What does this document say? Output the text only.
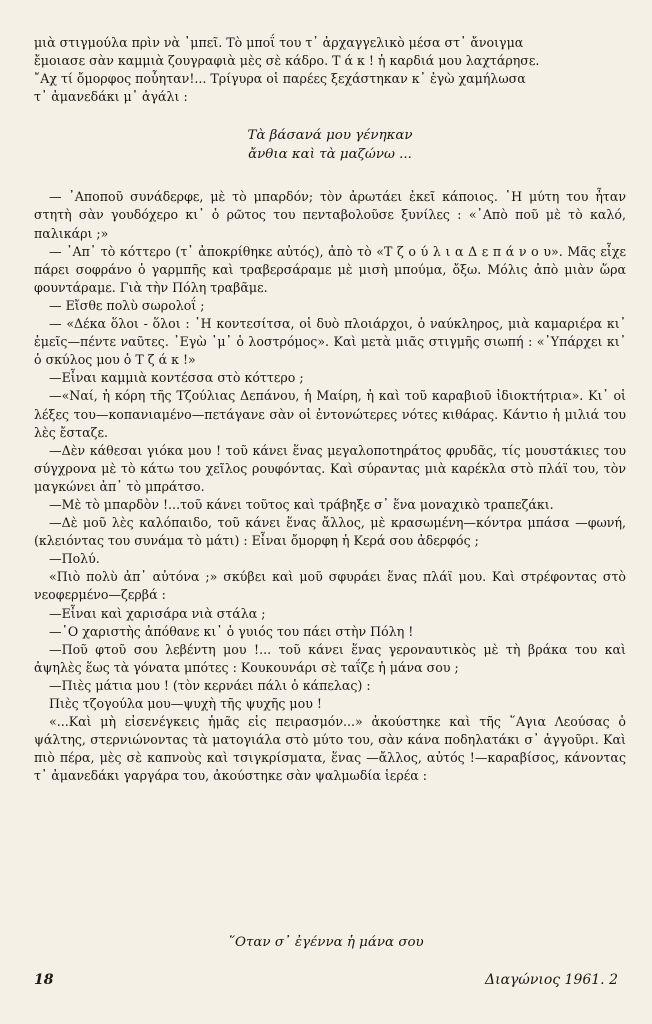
μιὰ στιγμούλα πρὶν νὰ ᾿μπεῖ. Τὸ μποΐ του τ᾿ ἀρχαγγελικὸ μέσα στ᾿ ἄνοιγμα

ἔμοιασε σὰν καμμιὰ ζουγραφιὰ μὲς σὲ κάδρο. Τ ά κ ! ἡ καρδιά μου λαχτάρησε.

῎Αχ τί ὄμορφος ποὖηταν!... Τρίγυρα οἱ παρέες ξεχάστηκαν κ᾿ ἐγὼ χαμήλωσα

τ᾿ ἀμανεδάκι μ᾿ ἀγάλι :

Τὰ βάσανά μου γένηκαν
ἄνθια καὶ τὰ μαζώνω ...

— ᾿Αποποῦ συνάδερφε, μὲ τὸ μπαρδόν; τὸν ἀρωτάει ἐκεῖ κάποιος. ῾Η μύτη του ἦταν στητὴ σὰν γουδόχερο κι᾿ ὁ ρῶτος του πενταβολοῦσε ξυνίλες : «᾿Απὸ ποῦ μὲ τὸ καλό, παλικάρι ;»

— ᾿Απ᾿ τὸ κόττερο (τ᾿ ἀποκρίθηκε αὐτός), ἀπὸ τὸ «Τ ζ ο ύ λ ι α Δ ε π ά ν ο υ». Μᾶς εἶχε πάρει σοφράνο ὁ γαρμπῆς καὶ τραβερσάραμε μὲ μισὴ μπούμα, ὄξω. Μόλις ἀπὸ μιὰν ὥρα φουντάραμε. Γιὰ τὴν Πόλη τραβᾶμε.

— Εἴσθε πολὺ σωρολοΐ ;

— «Δέκα ὅλοι - ὅλοι : ῾Η κοντεσίτσα, οἱ δυὸ πλοιάρχοι, ὁ ναύκληρος, μιὰ καμαριέρα κι᾿ ἐμεῖς—πέντε ναῦτες. ᾿Εγὼ ᾿μ᾿ ὁ λοστρόμος». Καὶ μετὰ μιᾶς στιγμῆς σιωπή : «᾿Υπάρχει κι᾿ ὁ σκύλος μου ὁ Τ ζ ά κ !»

—Εἶναι καμμιὰ κοντέσσα στὸ κόττερο ;

—«Ναί, ἡ κόρη τῆς Τζούλιας Δεπάνου, ἡ Μαίρη, ἡ καὶ τοῦ καραβιοῦ ἰδιοκτήτρια». Κι᾿ οἱ λέξες του—κοπανιαμένο—πετάγανε σὰν οἱ ἐντονώτερες νότες κιθάρας. Κάντιο ἡ μιλιά του λὲς ἔσταζε.

—Δὲν κάθεσαι γιόκα μου ! τοῦ κάνει ἕνας μεγαλοποτηράτος φρυδᾶς, τίς μουστάκιες του σύγχρονα μὲ τὸ κάτω του χεῖλος ρουφόντας. Καὶ σύραντας μιὰ καρέκλα στὸ πλάϊ του, τὸν μαγκώνει ἀπ᾿ τὸ μπράτσο.

—Μὲ τὸ μπαρδὸν !...τοῦ κάνει τοῦτος καὶ τράβηξε σ᾿ ἕνα μοναχικὸ τραπεζάκι.

—Δὲ μοῦ λὲς καλόπαιδο, τοῦ κάνει ἕνας ἄλλος, μὲ κρασωμένη—κόντρα μπάσα —φωνή, (κλειόντας του συνάμα τὸ μάτι) : Εἶναι ὄμορφη ἡ Κερά σου ἀδερφός ;

—Πολύ.

«Πιὸ πολὺ ἀπ᾿ αὐτόνα ;» σκύβει καὶ μοῦ σφυράει ἕνας πλάϊ μου. Καὶ στρέφοντας στὸ νεοφερμένο—ζερβά :

—Εἶναι καὶ χαρισάρα νιὰ στάλα ;

—῾Ο χαριστὴς ἀπόθανε κι᾿ ὁ γυιός του πάει στὴν Πόλη !

—Ποῦ φτοῦ σου λεβέντη μου !... τοῦ κάνει ἕνας γεροναυτικὸς μὲ τὴ βράκα του καὶ ἀψηλὲς ἕως τὰ γόνατα μπότες : Κουκουνάρι σὲ ταΐζε ἡ μάνα σου ;

—Πιὲς μάτια μου ! (τὸν κερνάει πάλι ὁ κάπελας) :

Πιὲς τζογούλα μου—ψυχὴ τῆς ψυχῆς μου !

«...Καὶ μὴ εἰσενέγκεις ἡμᾶς εἰς πειρασμόν...» ἀκούστηκε καὶ τῆς ῞Αγια Λεούσας ὁ ψάλτης, στερνιώνοντας τὰ ματογιάλα στὸ μύτο του, σὰν κάνα ποδηλατάκι σ᾿ ἀγγοῦρι. Καὶ πιὸ πέρα, μὲς σὲ καπνοὺς καὶ τσιγκρίσματα, ἕνας —ἄλλος, αὐτός !—καραβίσος, κάνοντας τ᾿ ἀμανεδάκι γαργάρα του, ἀκούστηκε σὰν ψαλμωδία ἱερέα :

῞Οταν σ᾿ ἐγέννα ἡ μάνα σου
18	Διαγώνιος 1961. 2
